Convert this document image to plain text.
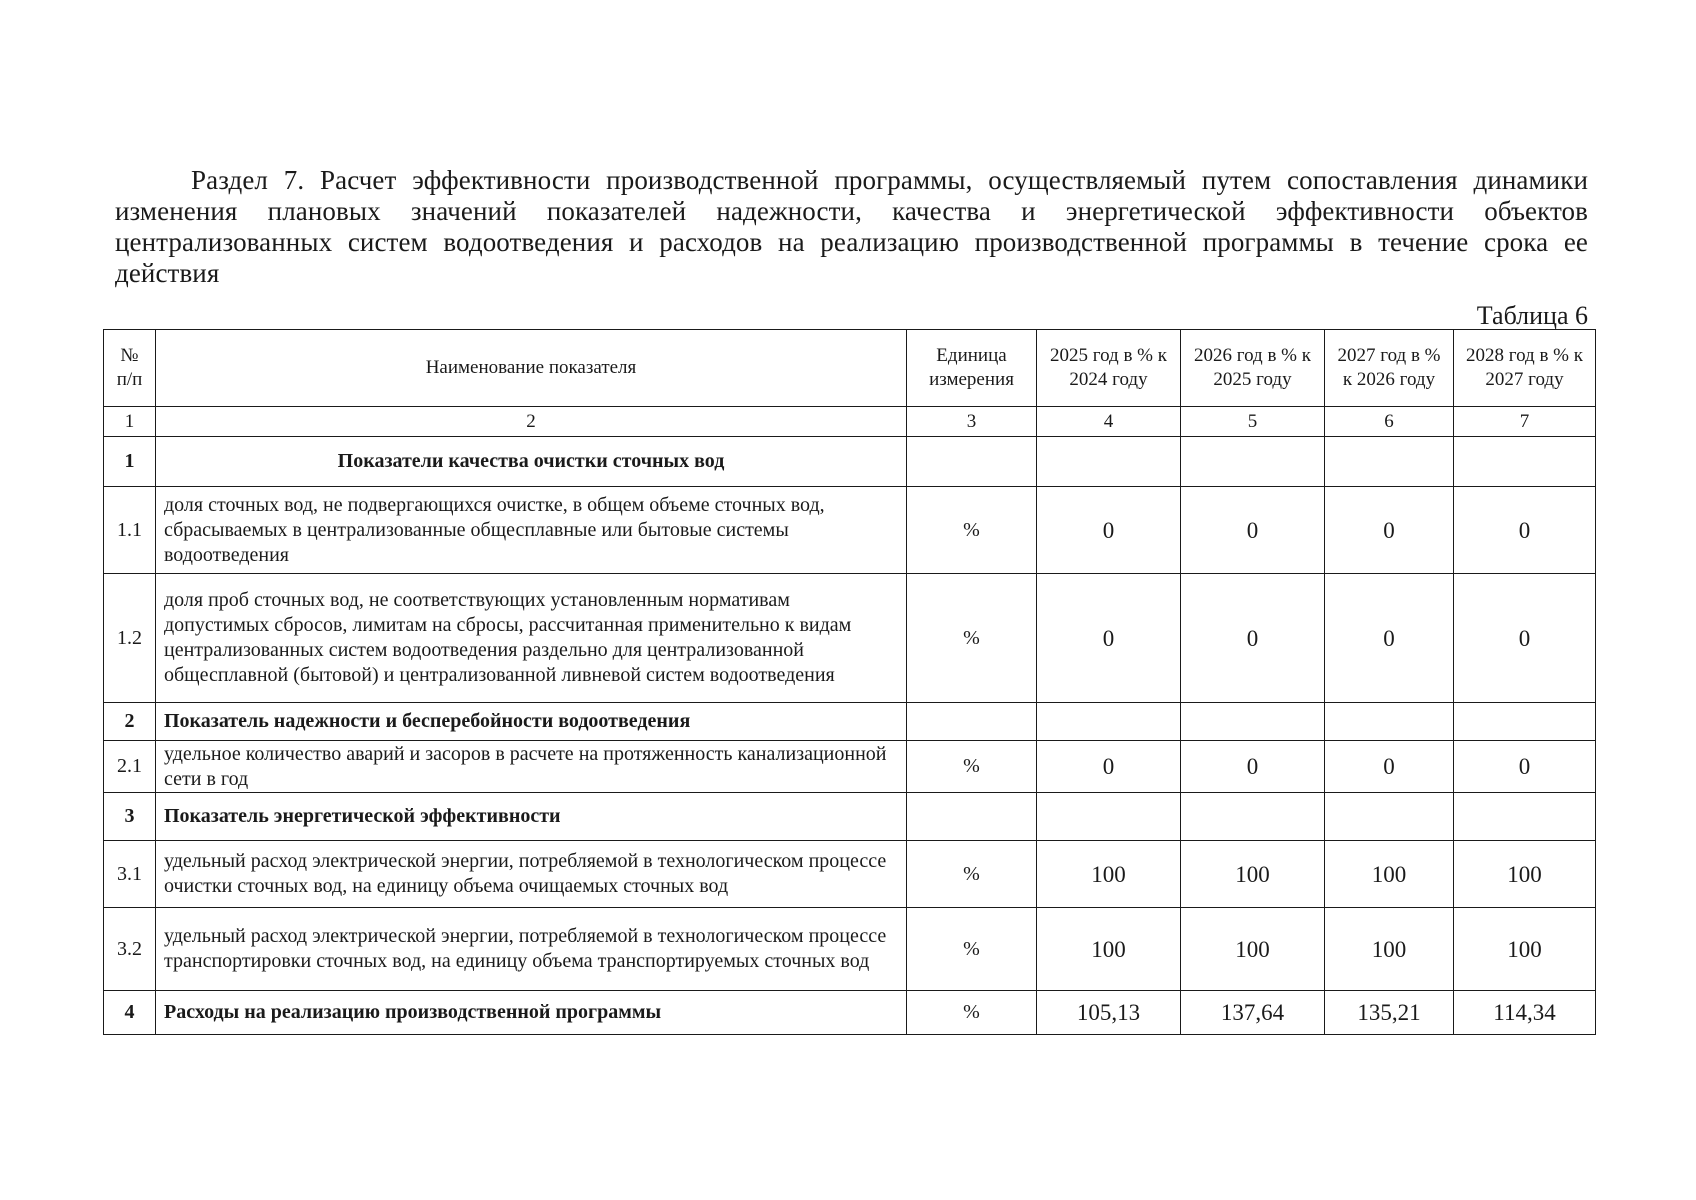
Раздел 7. Расчет эффективности производственной программы, осуществляемый путем сопоставления динамики изменения плановых значений показателей надежности, качества и энергетической эффективности объектов централизованных систем водоотведения и расходов на реализацию производственной программы в течение срока ее действия
Таблица 6
№ п/п	Наименование показателя	Единица измерения	2025 год в % к 2024 году	2026 год в % к 2025 году	2027 год в % к 2026 году	2028 год в % к 2027 году
1	2	3	4	5	6	7
1	Показатели качества очистки сточных вод					
1.1	доля сточных вод, не подвергающихся очистке, в общем объеме сточных вод, сбрасываемых в централизованные общесплавные или бытовые системы водоотведения	%	0	0	0	0
1.2	доля проб сточных вод, не соответствующих установленным нормативам допустимых сбросов, лимитам на сбросы, рассчитанная применительно к видам централизованных систем водоотведения раздельно для централизованной общесплавной (бытовой) и централизованной ливневой систем водоотведения	%	0	0	0	0
2	Показатель надежности и бесперебойности водоотведения					
2.1	удельное количество аварий и засоров в расчете на протяженность канализационной сети в год	%	0	0	0	0
3	Показатель энергетической эффективности					
3.1	удельный расход электрической энергии, потребляемой в технологическом процессе очистки сточных вод, на единицу объема очищаемых сточных вод	%	100	100	100	100
3.2	удельный расход электрической энергии, потребляемой в технологическом процессе транспортировки сточных вод, на единицу объема транспортируемых сточных вод	%	100	100	100	100
4	Расходы на реализацию производственной программы	%	105,13	137,64	135,21	114,34
